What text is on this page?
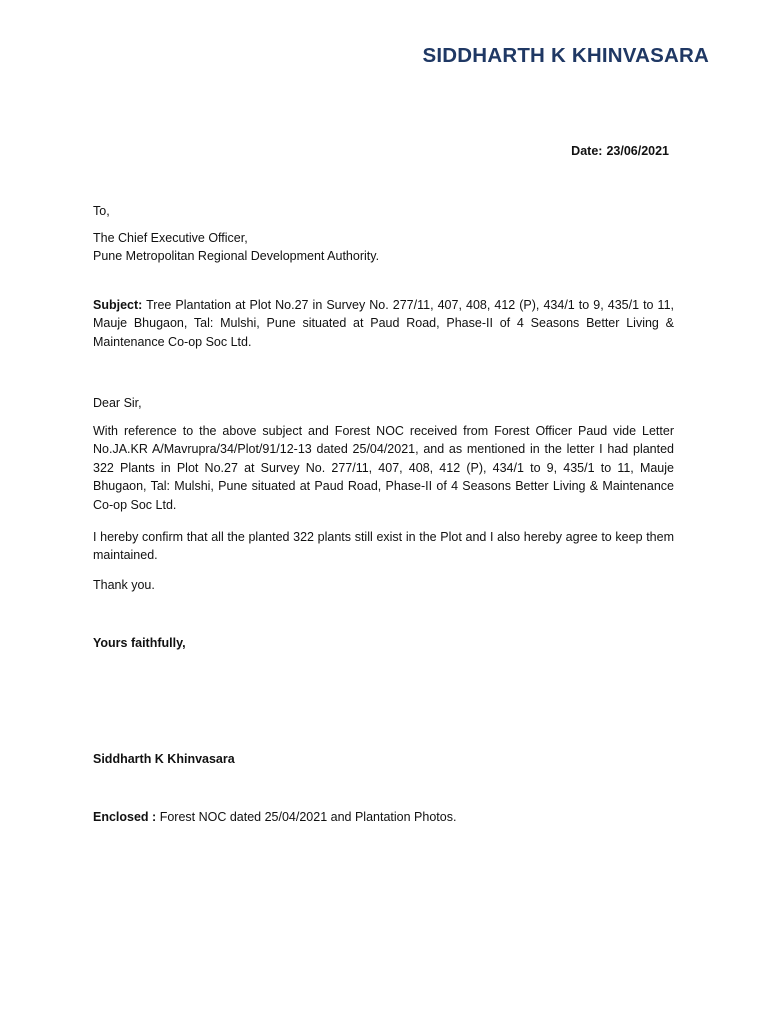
SIDDHARTH K KHINVASARA
Date: 23/06/2021
To,

The Chief Executive Officer,

Pune Metropolitan Regional Development Authority.

Subject: Tree Plantation at Plot No.27 in Survey No. 277/11, 407, 408, 412 (P), 434/1 to 9, 435/1 to 11, Mauje Bhugaon, Tal: Mulshi, Pune situated at Paud Road, Phase-II of 4 Seasons Better Living & Maintenance Co-op Soc Ltd.
Dear Sir,
With reference to the above subject and Forest NOC received from Forest Officer Paud vide Letter No.JA.KR A/Mavrupra/34/Plot/91/12-13 dated 25/04/2021, and as mentioned in the letter I had planted 322 Plants in Plot No.27 at Survey No. 277/11, 407, 408, 412 (P), 434/1 to 9, 435/1 to 11, Mauje Bhugaon, Tal: Mulshi, Pune situated at Paud Road, Phase-II of 4 Seasons Better Living & Maintenance Co-op Soc Ltd.
I hereby confirm that all the planted 322 plants still exist in the Plot and I also hereby agree to keep them maintained.
Thank you.
Yours faithfully,
Siddharth K Khinvasara
Enclosed : Forest NOC dated 25/04/2021 and Plantation Photos.
